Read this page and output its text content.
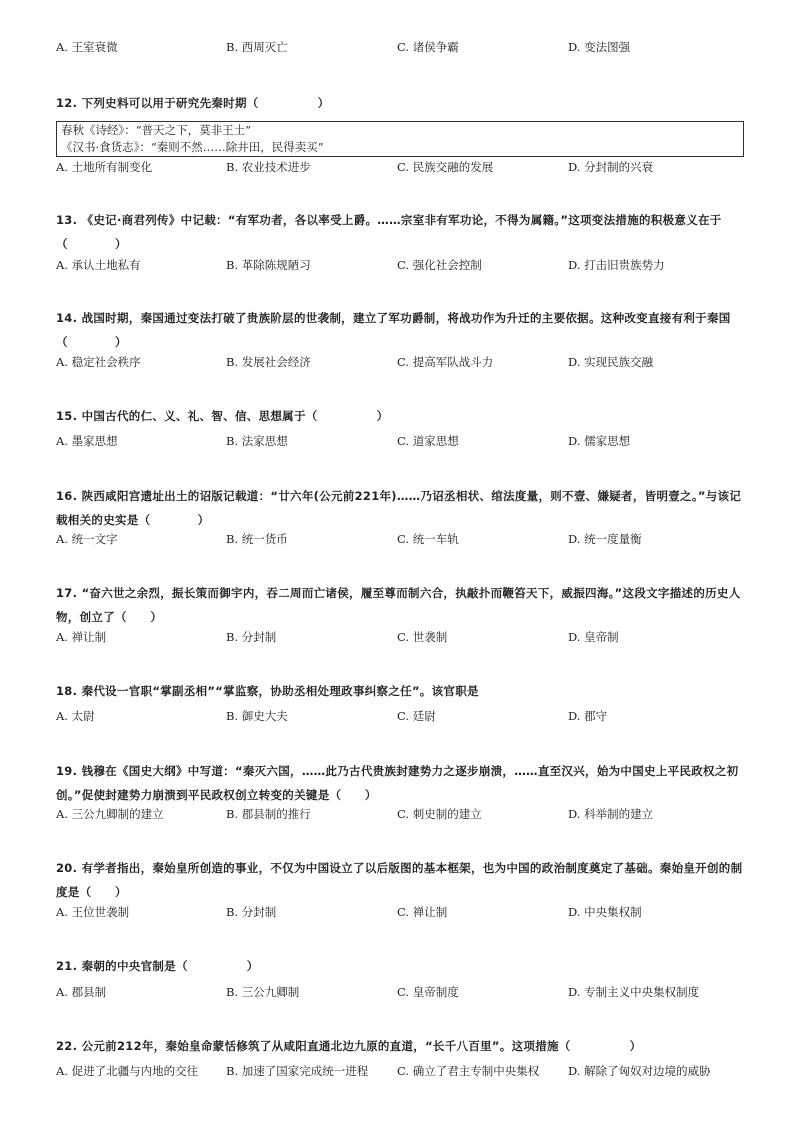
A. 王室衰微	B. 西周灭亡	C. 诸侯争霸	D. 变法图强
12. 下列史料可以用于研究先秦时期（　　　　　）
春秋《诗经》：“普天之下，莫非王土”
《汉书·食货志》：“秦则不然……除井田，民得卖买”
A. 土地所有制变化	B. 农业技术进步	C. 民族交融的发展	D. 分封制的兴衰
13. 《史记·商君列传》中记载：“有军功者，各以率受上爵。……宗室非有军功论，不得为属籍。”这项变法措施的积极意义在于（　　　　）
A. 承认土地私有	B. 革除陈规陋习	C. 强化社会控制	D. 打击旧贵族势力
14. 战国时期，秦国通过变法打破了贵族阶层的世袭制，建立了军功爵制，将战功作为升迁的主要依据。这种改变直接有利于秦国（　　　　）
A. 稳定社会秩序	B. 发展社会经济	C. 提高军队战斗力	D. 实现民族交融
15. 中国古代的仁、义、礼、智、信、思想属于（　　　　　）
A. 墨家思想	B. 法家思想	C. 道家思想	D. 儒家思想
16. 陕西咸阳宫遗址出土的诏版记载道：“廿六年(公元前221年)……乃诏丞相状、绾法度量，则不壹、嫌疑者，皆明壹之。”与该记载相关的史实是（　　　　）
A. 统一文字	B. 统一货币	C. 统一车轨	D. 统一度量衡
17. “奋六世之余烈，振长策而御宇内，吞二周而亡诸侯，履至尊而制六合，执敲扑而鞭笞天下，威振四海。”这段文字描述的历史人物，创立了（　　）
A. 禅让制	B. 分封制	C. 世袭制	D. 皇帝制
18. 秦代设一官职“掌副丞相”“掌监察，协助丞相处理政事纠察之任”。该官职是
A. 太尉	B. 御史大夫	C. 廷尉	D. 郡守
19. 钱穆在《国史大纲》中写道：“秦灭六国，……此乃古代贵族封建势力之逐步崩溃，……直至汉兴，始为中国史上平民政权之初创。”促使封建势力崩溃到平民政权创立转变的关键是（　　）
A. 三公九卿制的建立	B. 郡县制的推行	C. 刺史制的建立	D. 科举制的建立
20. 有学者指出，秦始皇所创造的事业，不仅为中国设立了以后版图的基本框架，也为中国的政治制度奠定了基础。秦始皇开创的制度是（　　）
A. 王位世袭制	B. 分封制	C. 禅让制	D. 中央集权制
21. 秦朝的中央官制是（　　　　　）
A. 郡县制	B. 三公九卿制	C. 皇帝制度	D. 专制主义中央集权制度
22. 公元前212年，秦始皇命蒙恬修筑了从咸阳直通北边九原的直道，“长千八百里”。这项措施（　　　　　）
A. 促进了北疆与内地的交往 B. 加速了国家完成统一进程 C. 确立了君主专制中央集权	D. 解除了匈奴对边境的威胁
